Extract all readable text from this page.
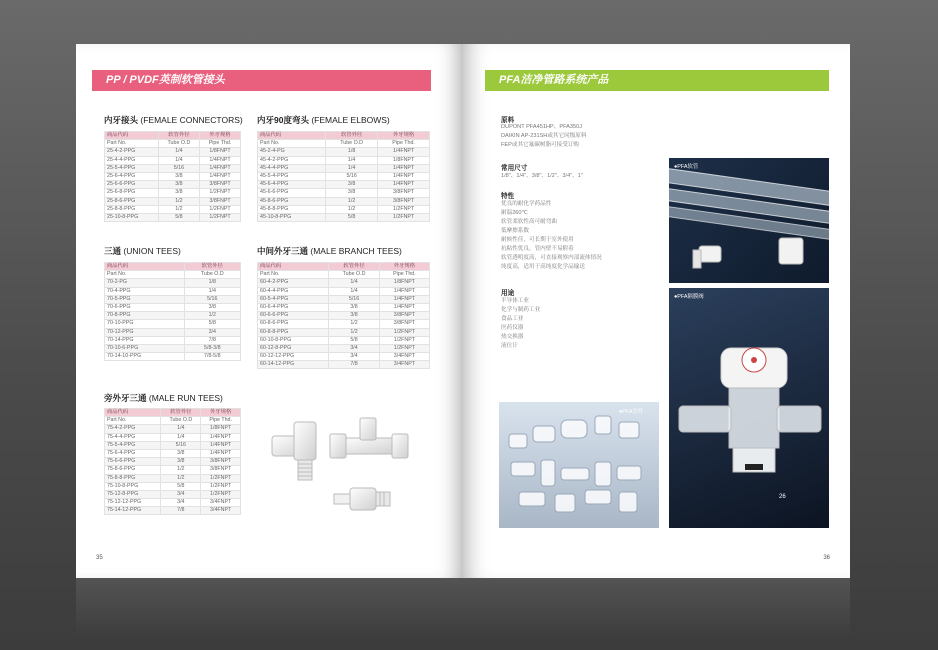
PP / PVDF英制软管接头
内牙接头 (FEMALE CONNECTORS)
商品代码	软管外径	外牙规格
Part No.	Tube O.D	Pipe Thd.
25-4-2-PPG	1/4	1/8FNPT
25-4-4-PPG	1/4	1/4FNPT
25-5-4-PPG	5/16	1/4FNPT
25-6-4-PPG	3/8	1/4FNPT
25-6-6-PPG	3/8	3/8FNPT
25-6-8-PPG	3/8	1/2FNPT
25-8-6-PPG	1/2	3/8FNPT
25-8-8-PPG	1/2	1/2FNPT
25-10-8-PPG	5/8	1/2FNPT
内牙90度弯头 (FEMALE ELBOWS)
商品代码	软管外径	外牙规格
Part No.	Tube O.D	Pipe Thd.
45-2-4-PG	1/8	1/4FNPT
45-4-2-PPG	1/4	1/8FNPT
45-4-4-PPG	1/4	1/4FNPT
45-5-4-PPG	5/16	1/4FNPT
45-6-4-PPG	3/8	1/4FNPT
45-6-6-PPG	3/8	3/8FNPT
45-8-6-PPG	1/2	3/8FNPT
45-8-8-PPG	1/2	1/2FNPT
45-10-8-PPG	5/8	1/2FNPT
三通 (UNION TEES)
商品代码	软管外径
Part No.	Tube O.D
70-2-PG	1/8
70-4-PPG	1/4
70-5-PPG	5/16
70-6-PPG	3/8
70-8-PPG	1/2
70-10-PPG	5/8
70-12-PPG	3/4
70-14-PPG	7/8
70-10-6-PPG	5/8-3/8
70-14-10-PPG	7/8-5/8
中间外牙三通 (MALE BRANCH TEES)
商品代码	软管外径	外牙规格
Part No.	Tube O.D	Pipe Thd.
60-4-2-PPG	1/4	1/8FNPT
60-4-4-PPG	1/4	1/4FNPT
60-5-4-PPG	5/16	1/4FNPT
60-6-4-PPG	3/8	1/4FNPT
60-6-6-PPG	3/8	3/8FNPT
60-8-6-PPG	1/2	3/8FNPT
60-8-8-PPG	1/2	1/2FNPT
60-10-8-PPG	5/8	1/2FNPT
60-12-8-PPG	3/4	1/2FNPT
60-12-12-PPG	3/4	3/4FNPT
60-14-12-PPG	7/8	3/4FNPT
旁外牙三通 (MALE RUN TEES)
商品代码	软管外径	外牙规格
Part No.	Tube O.D	Pipe Thd.
75-4-2-PPG	1/4	1/8FNPT
75-4-4-PPG	1/4	1/4FNPT
75-5-4-PPG	5/16	1/4FNPT
75-6-4-PPG	3/8	1/4FNPT
75-6-6-PPG	3/8	3/8FNPT
75-8-6-PPG	1/2	3/8FNPT
75-8-8-PPG	1/2	1/2FNPT
75-10-8-PPG	5/8	1/2FNPT
75-12-8-PPG	3/4	1/2FNPT
75-12-12-PPG	3/4	3/4FNPT
75-14-12-PPG	7/8	3/4FNPT
35
PFA洁净管路系统产品
原料
DUPONT PFA451HP、PFA350J
DAIKIN AP-231SH或其它同级原料
FEP或其它氟碳树脂可接受订购
常用尺寸
1/8"、1/4"、3/8"、1/2"、3/4"、1"
特性
优良的耐化学药品性
耐温260℃
软管柔软性高可耐弯曲
低摩擦系数
耐候性佳，可长期于室外使用
抗粘性优良，管内壁不易附着
软管透明度高，可直接观察内部流体情况
纯度高，适用于高纯度化学品输送
用途
半导体工业
化学与制药工业
食品工业
医药仪器
热交换器
液位计
●PFA软管
●PFA隔膜阀
26
●PFA管件
36
